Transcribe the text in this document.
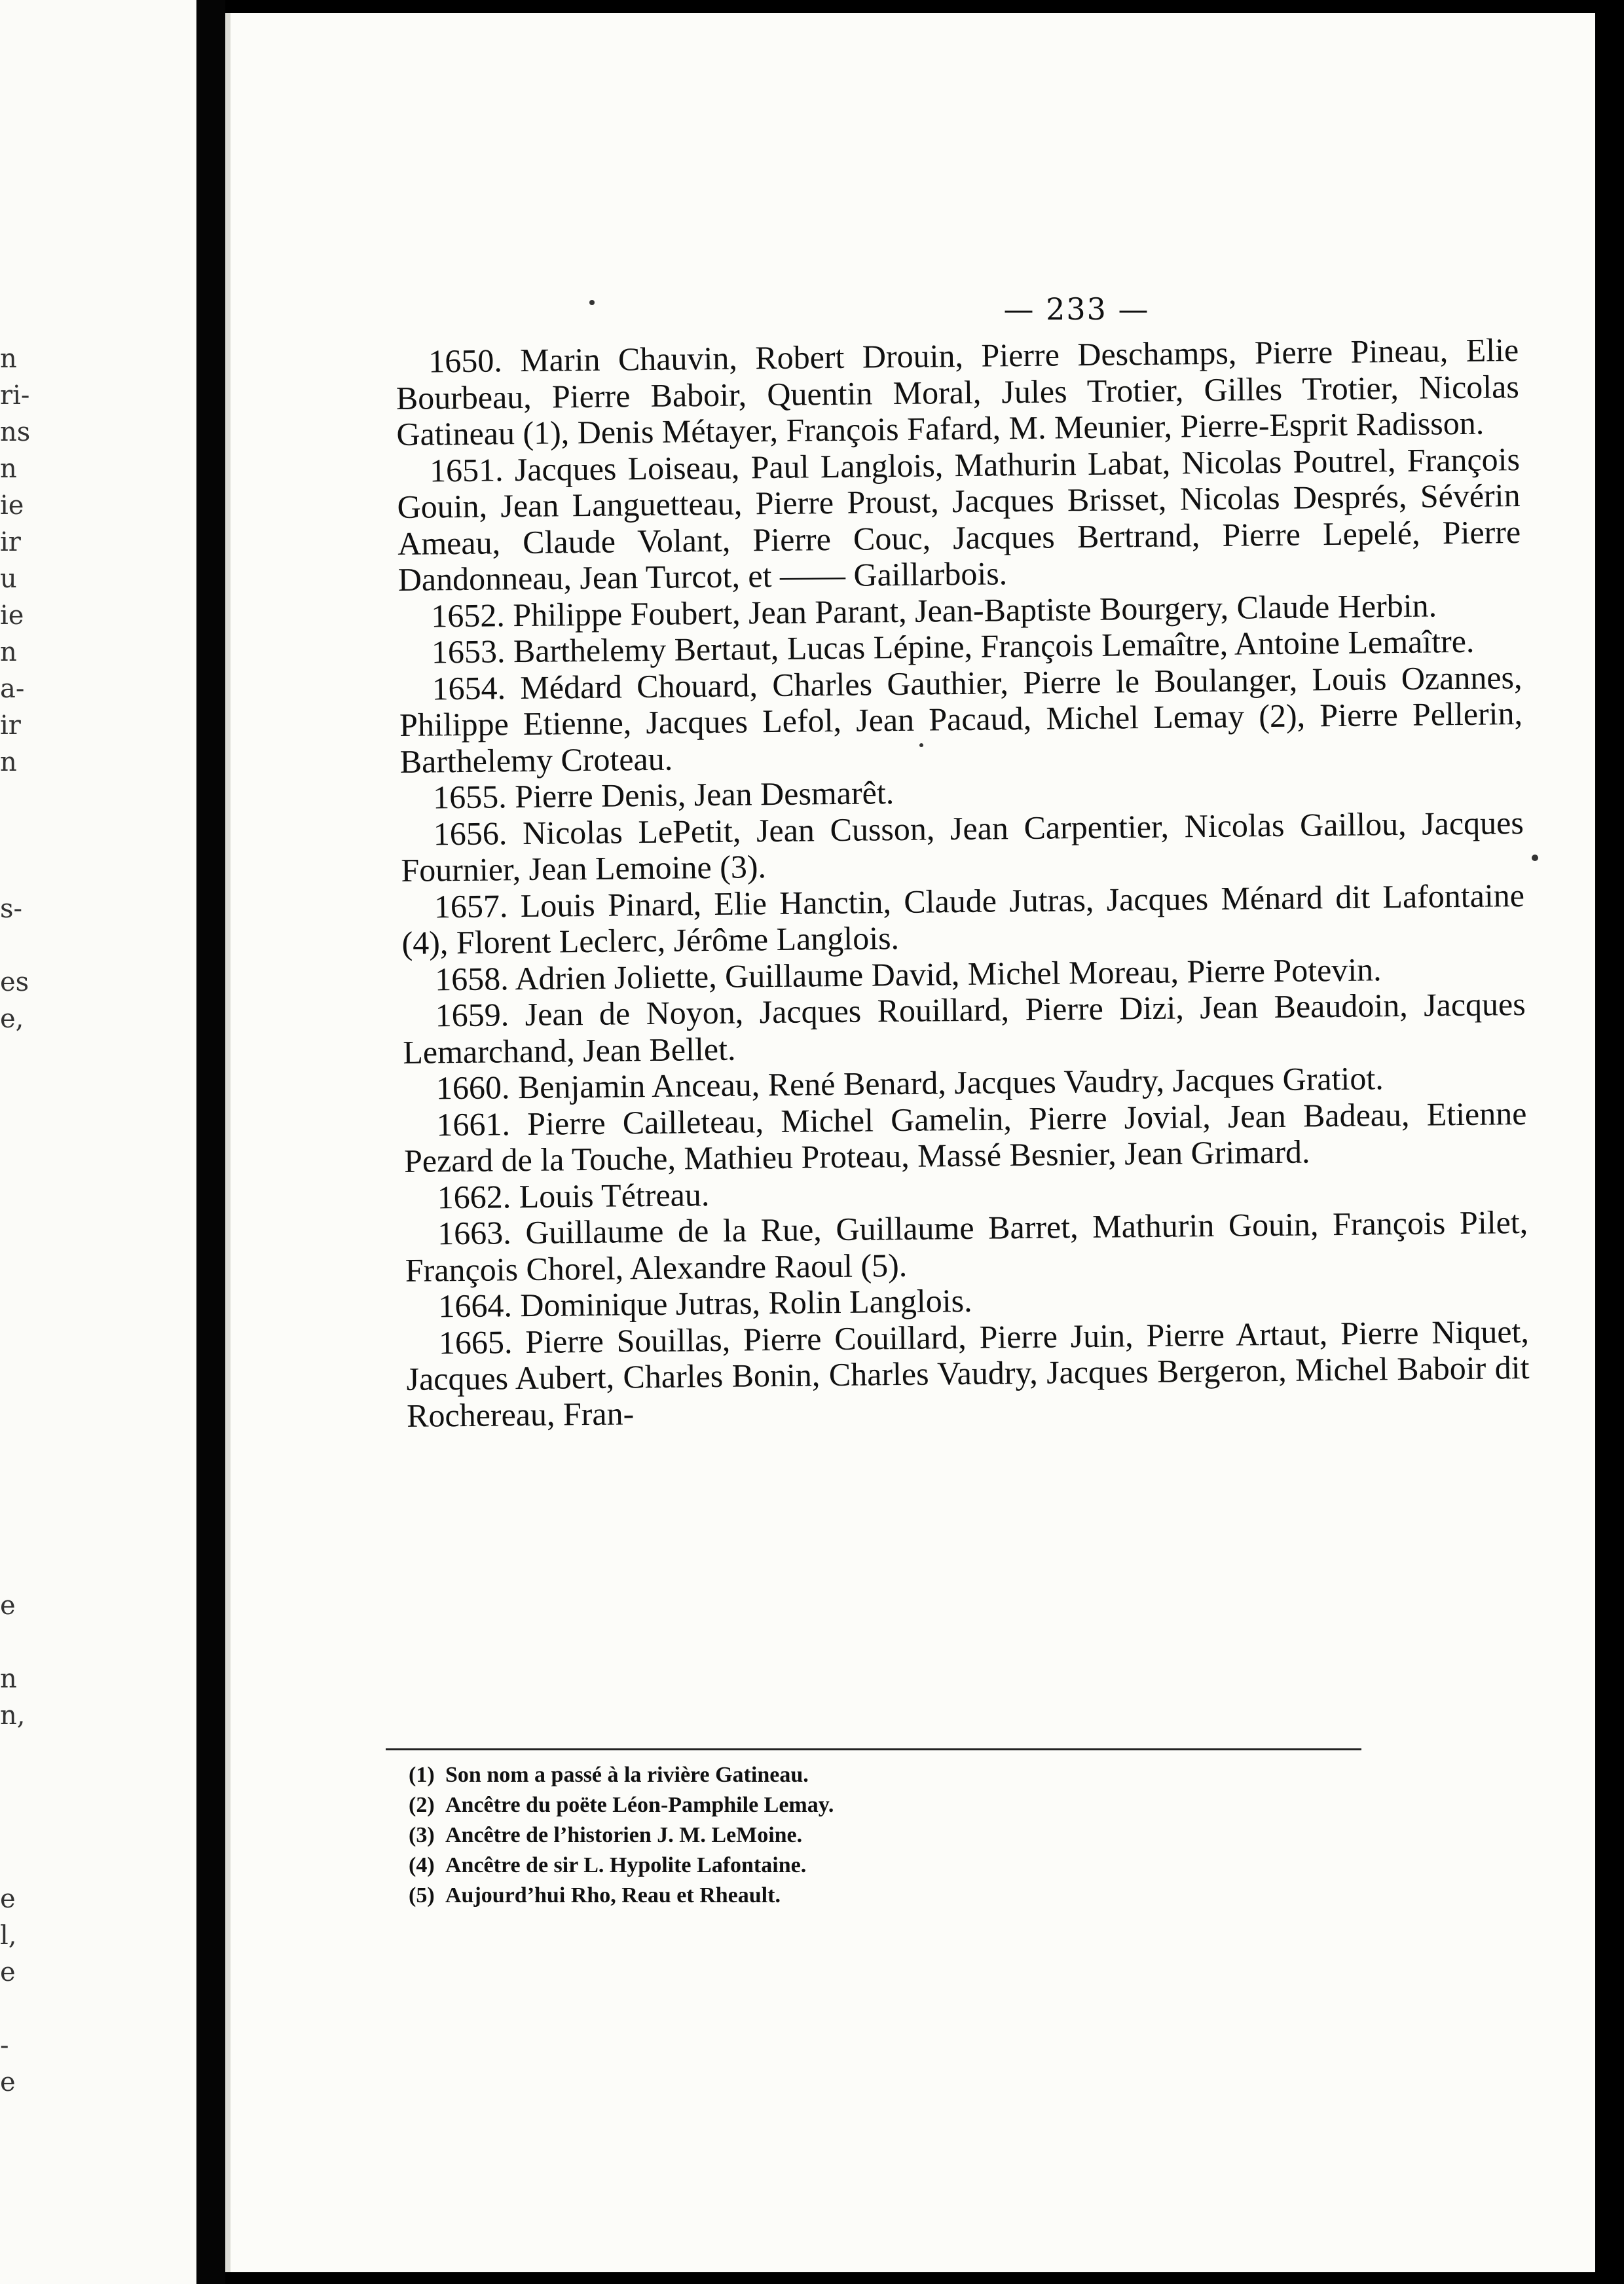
n
ri-
ns
n
ie
ir
u
ie
n
a-
ir
n
s-
es
e,
e
n
n,
e
l,
e
-
e
— 233 —

1650. Marin Chauvin, Robert Drouin, Pierre Deschamps, Pierre Pineau, Elie Bourbeau, Pierre Baboir, Quentin Moral, Jules Trotier, Gilles Trotier, Nicolas Gatineau (1), Denis Métayer, François Fafard, M. Meunier, Pierre-Esprit Radisson.

1651. Jacques Loiseau, Paul Langlois, Mathurin Labat, Nicolas Poutrel, François Gouin, Jean Languetteau, Pierre Proust, Jacques Brisset, Nicolas Després, Sévérin Ameau, Claude Volant, Pierre Couc, Jacques Bertrand, Pierre Lepelé, Pierre Dandonneau, Jean Turcot, et —— Gaillarbois.

1652. Philippe Foubert, Jean Parant, Jean-Baptiste Bourgery, Claude Herbin.

1653. Barthelemy Bertaut, Lucas Lépine, François Lemaître, Antoine Lemaître.

1654. Médard Chouard, Charles Gauthier, Pierre le Boulanger, Louis Ozannes, Philippe Etienne, Jacques Lefol, Jean Pacaud, Michel Lemay (2), Pierre Pellerin, Barthelemy Croteau.

1655. Pierre Denis, Jean Desmarêt.

1656. Nicolas LePetit, Jean Cusson, Jean Carpentier, Nicolas Gaillou, Jacques Fournier, Jean Lemoine (3).

1657. Louis Pinard, Elie Hanctin, Claude Jutras, Jacques Ménard dit Lafontaine (4), Florent Leclerc, Jérôme Langlois.

1658. Adrien Joliette, Guillaume David, Michel Moreau, Pierre Potevin.

1659. Jean de Noyon, Jacques Rouillard, Pierre Dizi, Jean Beaudoin, Jacques Lemarchand, Jean Bellet.

1660. Benjamin Anceau, René Benard, Jacques Vaudry, Jacques Gratiot.

1661. Pierre Cailleteau, Michel Gamelin, Pierre Jovial, Jean Badeau, Etienne Pezard de la Touche, Mathieu Proteau, Massé Besnier, Jean Grimard.

1662. Louis Tétreau.

1663. Guillaume de la Rue, Guillaume Barret, Mathurin Gouin, François Pilet, François Chorel, Alexandre Raoul (5).

1664. Dominique Jutras, Rolin Langlois.

1665. Pierre Souillas, Pierre Couillard, Pierre Juin, Pierre Artaut, Pierre Niquet, Jacques Aubert, Charles Bonin, Charles Vaudry, Jacques Bergeron, Michel Baboir dit Rochereau, Fran-

(1) Son nom a passé à la rivière Gatineau.
(2) Ancêtre du poëte Léon-Pamphile Lemay.
(3) Ancêtre de l’historien J. M. LeMoine.
(4) Ancêtre de sir L. Hypolite Lafontaine.
(5) Aujourd’hui Rho, Reau et Rheault.
